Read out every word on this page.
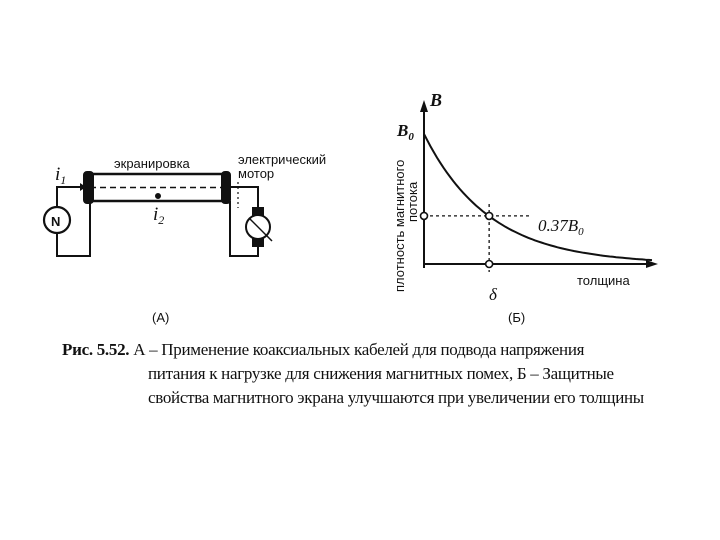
N
$i_1$
$i_2$
экранировка	электрический
мотор
(A)
B
$B_0$
$0.37B_0$
δ
толщина
плотность магнитного
потока
(Б)
Рис. 5.52. А – Применение коаксиальных кабелей для подвода напряжения
питания к нагрузке для снижения магнитных помех, Б – Защитные
свойства магнитного экрана улучшаются при увеличении его толщины
